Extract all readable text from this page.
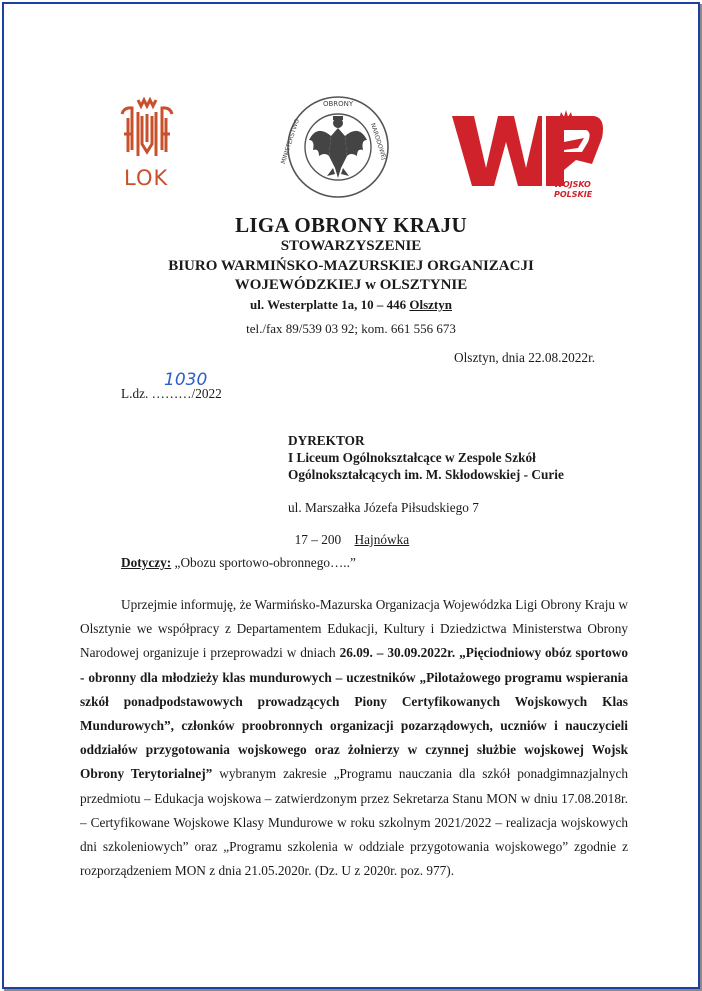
LOK
OBRONY
MINISTERSTWO	NARODOWEJ
WOJSKO
POLSKIE
LIGA OBRONY KRAJU
STOWARZYSZENIE
BIURO WARMIŃSKO-MAZURSKIEJ ORGANIZACJI
WOJEWÓDZKIEJ w OLSZTYNIE
ul. Westerplatte 1a, 10 – 446 Olsztyn
tel./fax 89/539 03 92; kom. 661 556 673
Olsztyn, dnia 22.08.2022r.
L.dz. ………/2022
1030
DYREKTOR
I Liceum Ogólnokształcące w Zespole Szkół
Ogólnokształcących im. M. Skłodowskiej - Curie
ul. Marszałka Józefa Piłsudskiego 7

17 – 200    Hajnówka

Dotyczy: „Obozu sportowo-obronnego…..”
Uprzejmie informuję, że Warmińsko-Mazurska Organizacja Wojewódzka Ligi Obrony Kraju w Olsztynie we współpracy z Departamentem Edukacji, Kultury i Dziedzictwa Ministerstwa Obrony Narodowej organizuje i przeprowadzi w dniach 26.09. – 30.09.2022r. „Pięciodniowy obóz sportowo - obronny dla młodzieży klas mundurowych – uczestników „Pilotażowego programu wspierania szkół ponadpodstawowych prowadzących Piony Certyfikowanych Wojskowych Klas Mundurowych”, członków proobronnych organizacji pozarządowych, uczniów i nauczycieli oddziałów przygotowania wojskowego oraz żołnierzy w czynnej służbie wojskowej Wojsk Obrony Terytorialnej” wybranym zakresie „Programu nauczania dla szkół ponadgimnazjalnych przedmiotu – Edukacja wojskowa – zatwierdzonym przez Sekretarza Stanu MON w dniu 17.08.2018r. – Certyfikowane Wojskowe Klasy Mundurowe w roku szkolnym 2021/2022 – realizacja wojskowych dni szkoleniowych” oraz „Programu szkolenia w oddziale przygotowania wojskowego” zgodnie z rozporządzeniem MON z dnia 21.05.2020r. (Dz. U z 2020r. poz. 977).
